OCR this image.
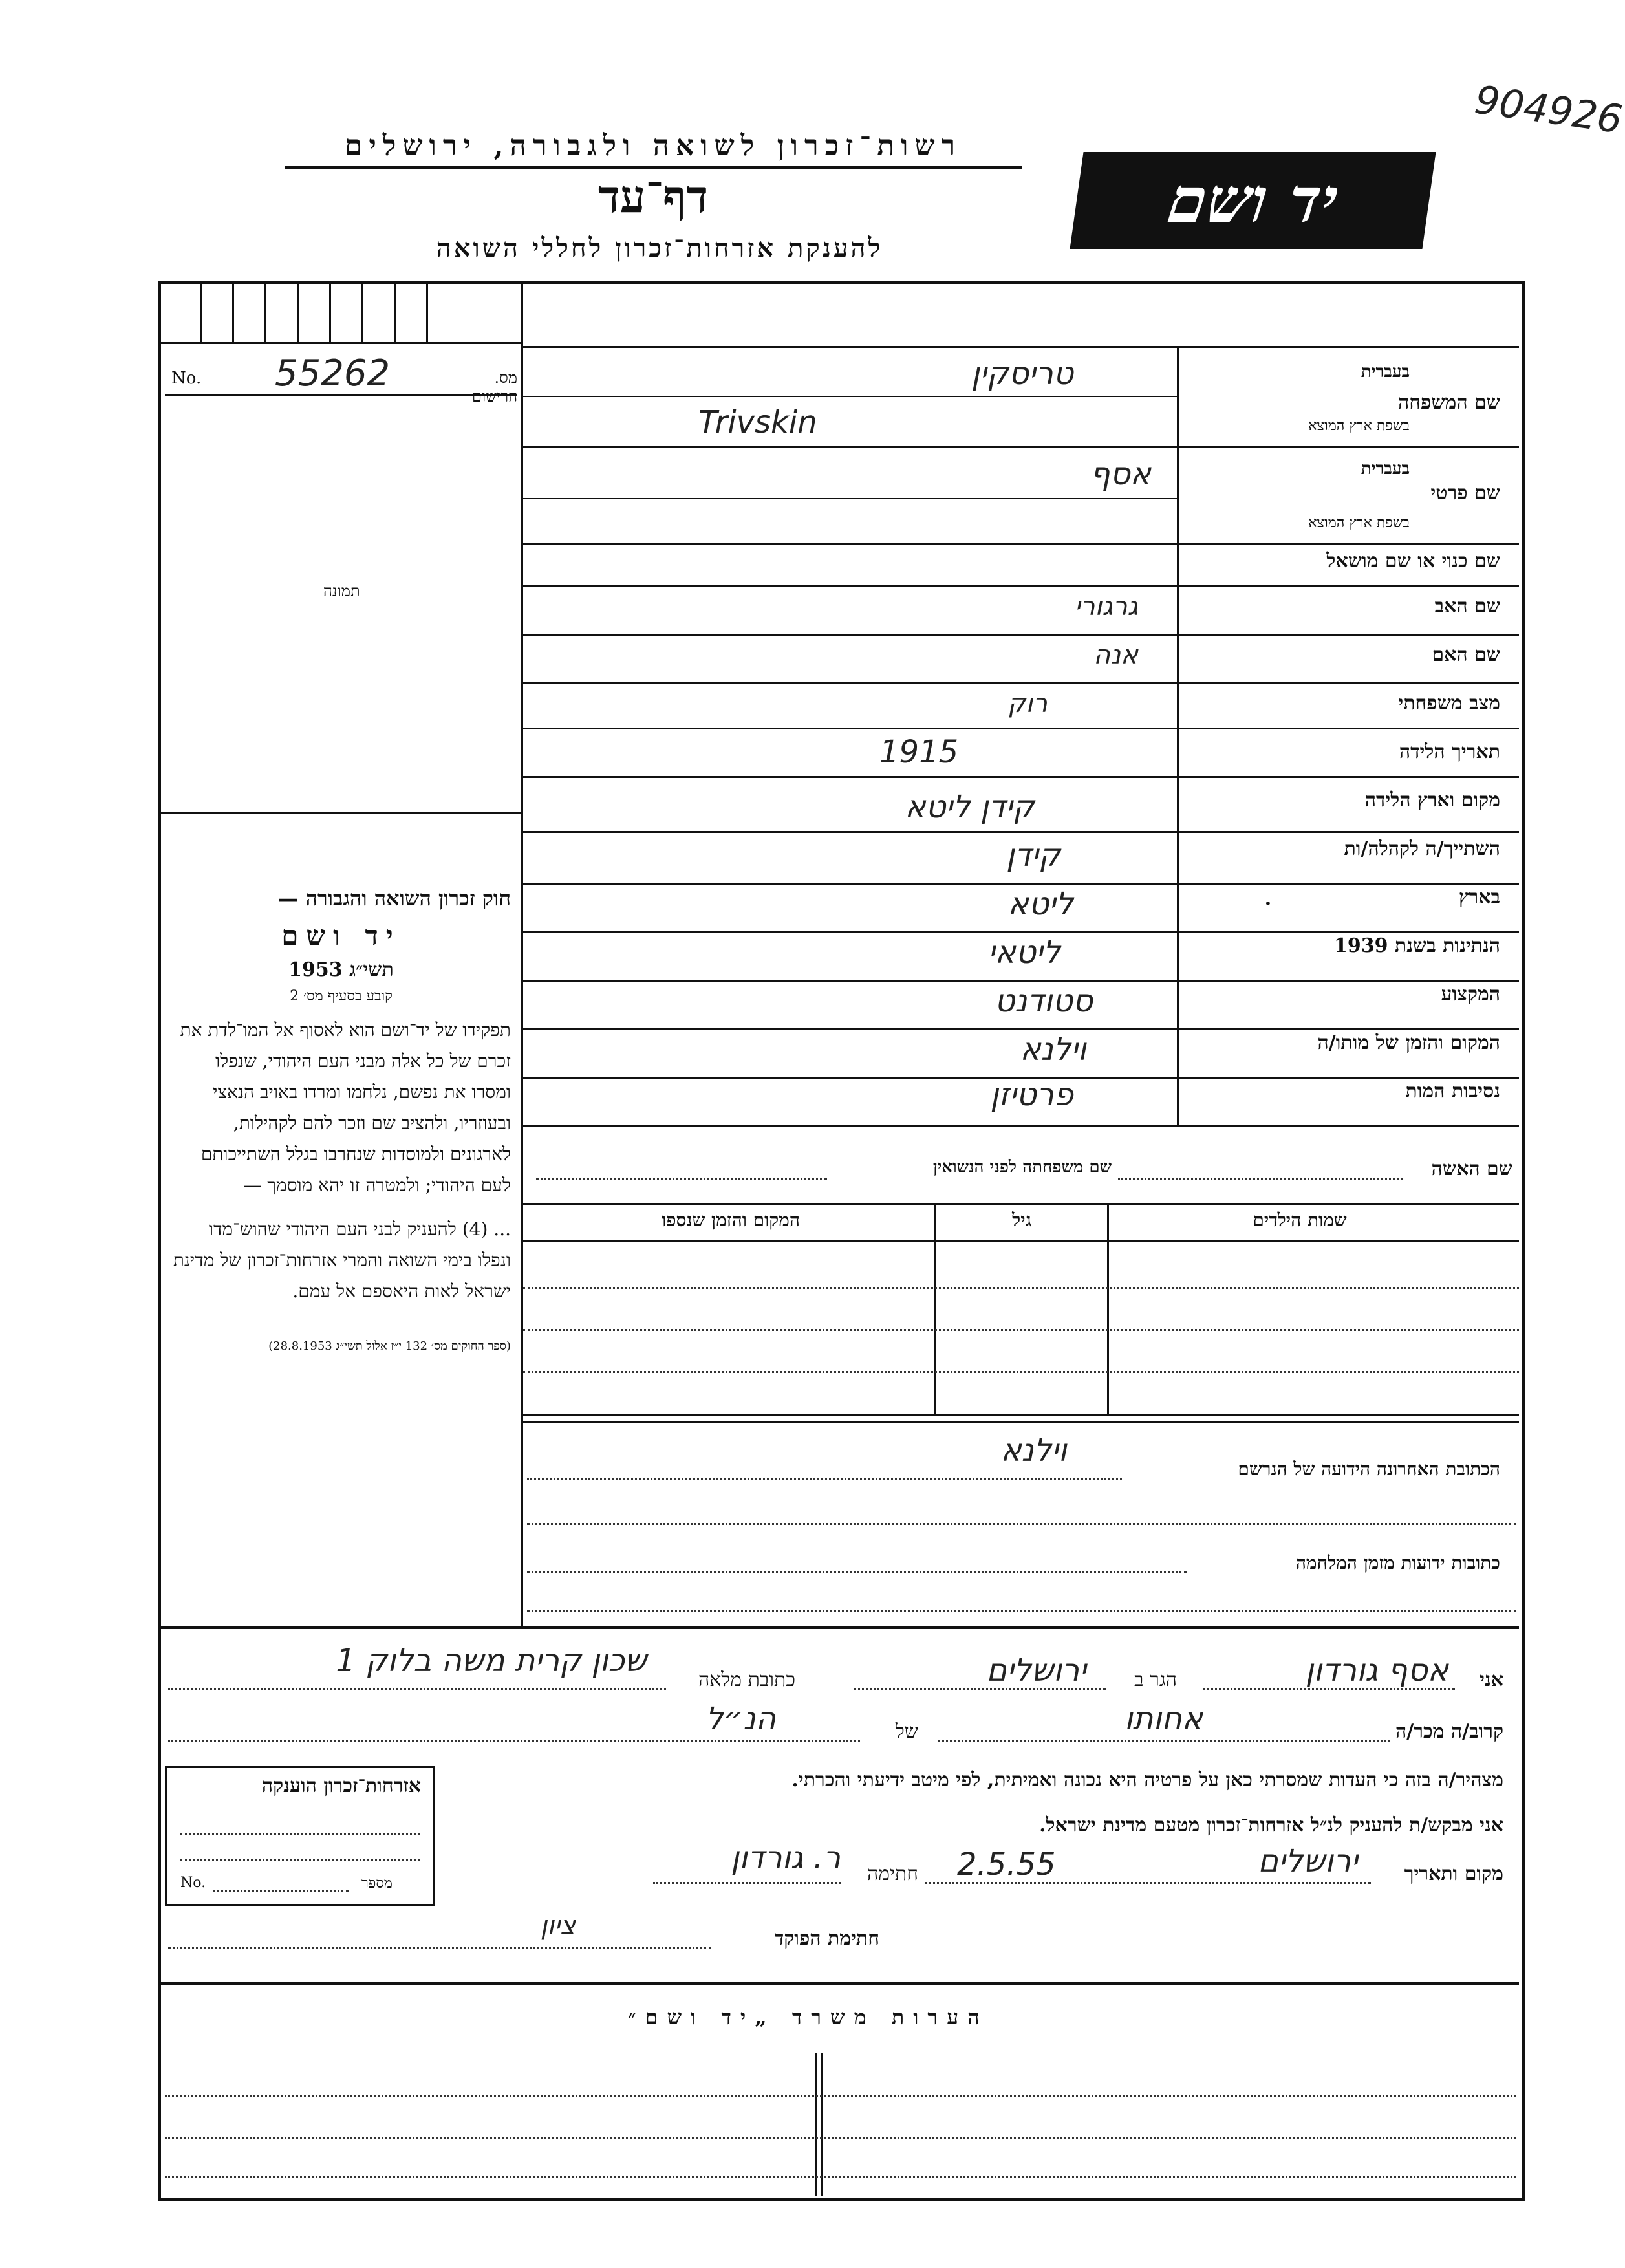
רשות־זכרון לשואה ולגבורה, ירושלים
דף־עד
להענקת אזרחות־זכרון לחללי השואה
יד ושם
904926
No. 55262	מס. הרישום
תמונה
חוק זכרון השואה והגבורה —
יד ושם
תשי״ג 1953
קובע בסעיף מס׳ 2
תפקידו של יד־ושם הוא לאסוף אל המו־לדת את זכרם של כל אלה מבני העם היהודי, שנפלו ומסרו את נפשם, נלחמו ומרדו באויב הנאצי ובעוזריו, ולהציב שם וזכר להם לקהילות, לארגונים ולמוסדות שנחרבו בגלל השתייכותם לעם היהודי; ולמטרה זו יהא מוסמך —
... (4) להעניק לבני העם היהודי שהוש־מדו ונפלו בימי השואה והמרי אזרחות־זכרון של מדינת ישראל לאות היאספם אל עמם.
(ספר החוקים מס׳ 132 י״ז אלול תשי״ג 28.8.1953)
שם המשפחה
בעברית
בשפת ארץ המוצא
שם פרטי
בעברית
בשפת ארץ המוצא
שם כנוי או שם מושאל
שם האב
שם האם
מצב משפחתי
תאריך הלידה
מקום וארץ הלידה
השתייך/ה לקהלה/ות
בארץ
הנתינות בשנת 1939
המקצוע
המקום והזמן של מותו/ה
נסיבות המות
טריסקין
Trivskin
אסף
גרגורי
אנה
רוק
1915
קידן ליטא
קידן
ליטא
ליטאי
סטודנט
וילנא
פרטיזן
•
שם האשה
שם משפחתה לפני הנשואין
שמות הילדים
גיל
המקום והזמן שנספו
הכתובת האחרונה הידועה של הנרשם
וילנא
כתובות ידועות מזמן המלחמה
אני
אסף גורדון
הגר ב
ירושלים
כתובת מלאה
שכון קרית משה בלוק 1
קרוב/ה מכר/ה
אחותו
של
הנ״ל
מצהיר/ה בזה כי העדות שמסרתי כאן על פרטיה היא נכונה ואמיתית, לפי מיטב ידיעתי והכרתי.
אני מבקש/ת להעניק לנ״ל אזרחות־זכרון מטעם מדינת ישראל.
מקום ותאריך
ירושלים
2.5.55
חתימה
ר. גורדון
חתימת הפוקד
ציון
אזרחות־זכרון הוענקה
No.	מספר
הערות משרד „יד ושם״
